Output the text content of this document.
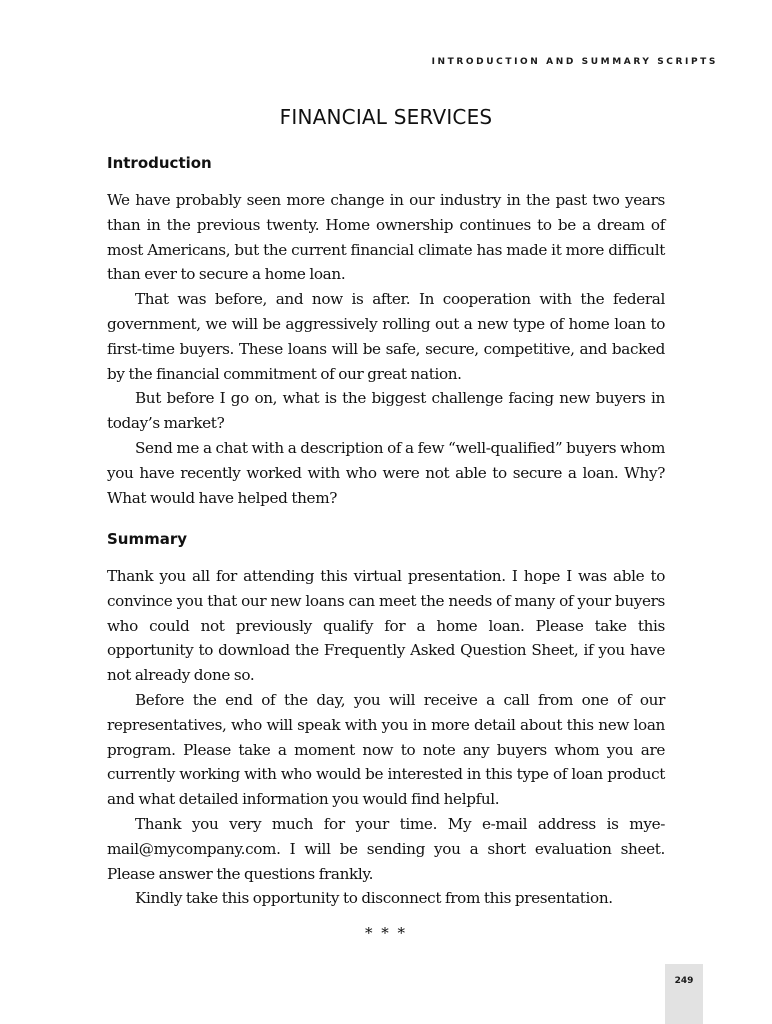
INTRODUCTION AND SUMMARY SCRIPTS
FINANCIAL SERVICES
Introduction

We have probably seen more change in our industry in the past two years than in the previous twenty. Home ownership continues to be a dream of most Americans, but the current financial climate has made it more difficult than ever to secure a home loan.

That was before, and now is after. In cooperation with the federal government, we will be aggressively rolling out a new type of home loan to first-time buyers. These loans will be safe, secure, competitive, and backed by the financial commitment of our great nation.

But before I go on, what is the biggest challenge facing new buyers in today’s market?

Send me a chat with a description of a few “well-qualified” buyers whom you have recently worked with who were not able to secure a loan. Why? What would have helped them?

Summary

Thank you all for attending this virtual presentation. I hope I was able to convince you that our new loans can meet the needs of many of your buyers who could not previously qualify for a home loan. Please take this opportunity to download the Frequently Asked Question Sheet, if you have not already done so.

Before the end of the day, you will receive a call from one of our representatives, who will speak with you in more detail about this new loan program. Please take a moment now to note any buyers whom you are currently working with who would be interested in this type of loan product and what detailed information you would find helpful.

Thank you very much for your time. My e-mail address is mye-mail@mycompany.com. I will be sending you a short evaluation sheet. Please answer the questions frankly.

Kindly take this opportunity to disconnect from this presentation.

* * *
249
